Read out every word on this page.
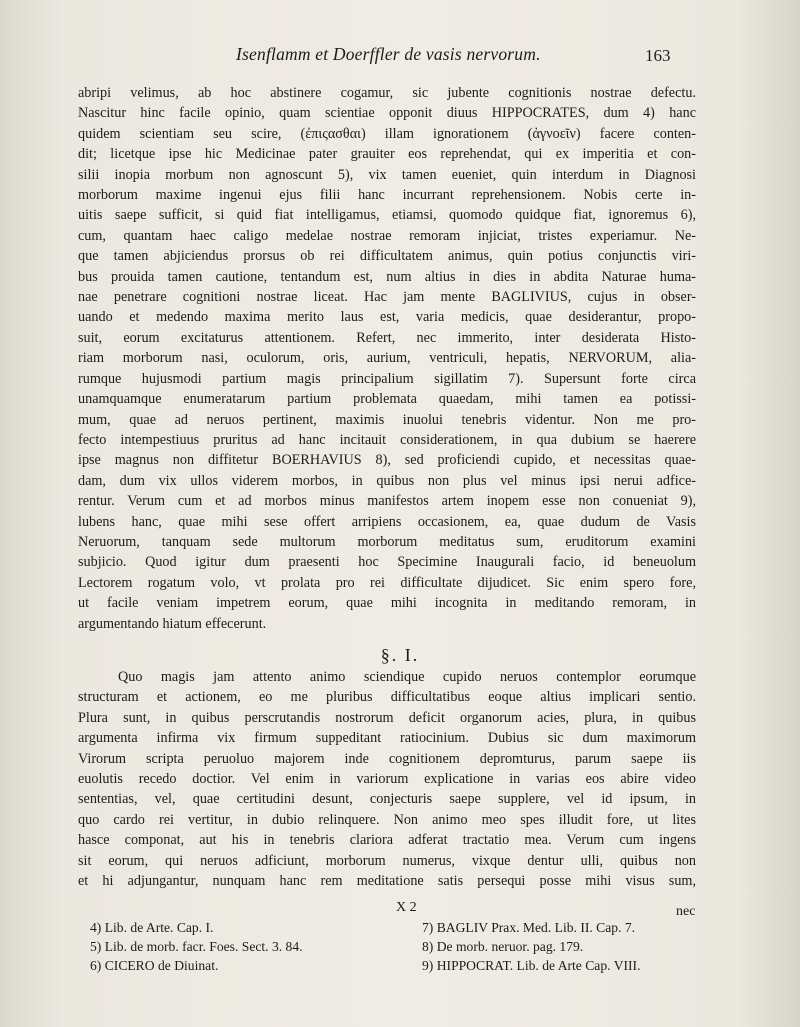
Isenflamm et Doerffler de vasis nervorum.	163
abripi velimus, ab hoc abstinere cogamur, sic jubente cognitionis nostrae defectu.
Nascitur hinc facile opinio, quam scientiae opponit diuus HIPPOCRATES, dum 4) hanc
quidem scientiam seu scire, (ἐπιςασθαι) illam ignorationem (ἀγνοεῖν) facere conten-
dit; licetque ipse hic Medicinae pater grauiter eos reprehendat, qui ex imperitia et con-
silii inopia morbum non agnoscunt 5), vix tamen eueniet, quin interdum in Diagnosi
morborum maxime ingenui ejus filii hanc incurrant reprehensionem. Nobis certe in-
uitis saepe sufficit, si quid fiat intelligamus, etiamsi, quomodo quidque fiat, ignoremus 6),
cum, quantam haec caligo medelae nostrae remoram injiciat, tristes experiamur. Ne-
que tamen abjiciendus prorsus ob rei difficultatem animus, quin potius conjunctis viri-
bus prouida tamen cautione, tentandum est, num altius in dies in abdita Naturae huma-
nae penetrare cognitioni nostrae liceat. Hac jam mente BAGLIVIUS, cujus in obser-
uando et medendo maxima merito laus est, varia medicis, quae desiderantur, propo-
suit, eorum excitaturus attentionem. Refert, nec immerito, inter desiderata Histo-
riam morborum nasi, oculorum, oris, aurium, ventriculi, hepatis, NERVORUM, alia-
rumque hujusmodi partium magis principalium sigillatim 7). Supersunt forte circa
unamquamque enumeratarum partium problemata quaedam, mihi tamen ea potissi-
mum, quae ad neruos pertinent, maximis inuolui tenebris videntur. Non me pro-
fecto intempestiuus pruritus ad hanc incitauit considerationem, in qua dubium se haerere
ipse magnus non diffitetur BOERHAVIUS 8), sed proficiendi cupido, et necessitas quae-
dam, dum vix ullos viderem morbos, in quibus non plus vel minus ipsi nerui adfice-
rentur. Verum cum et ad morbos minus manifestos artem inopem esse non conueniat 9),
lubens hanc, quae mihi sese offert arripiens occasionem, ea, quae dudum de Vasis
Neruorum, tanquam sede multorum morborum meditatus sum, eruditorum examini
subjicio. Quod igitur dum praesenti hoc Specimine Inaugurali facio, id beneuolum
Lectorem rogatum volo, vt prolata pro rei difficultate dijudicet. Sic enim spero fore,
ut facile veniam impetrem eorum, quae mihi incognita in meditando remoram, in
argumentando hiatum effecerunt.
§. I.
Quo magis jam attento animo sciendique cupido neruos contemplor eorumque
structuram et actionem, eo me pluribus difficultatibus eoque altius implicari sentio.
Plura sunt, in quibus perscrutandis nostrorum deficit organorum acies, plura, in quibus
argumenta infirma vix firmum suppeditant ratiocinium. Dubius sic dum maximorum
Virorum scripta peruoluo majorem inde cognitionem depromturus, parum saepe iis
euolutis recedo doctior. Vel enim in variorum explicatione in varias eos abire video
sententias, vel, quae certitudini desunt, conjecturis saepe supplere, vel id ipsum, in
quo cardo rei vertitur, in dubio relinquere. Non animo meo spes illudit fore, ut lites
hasce componat, aut his in tenebris clariora adferat tractatio mea. Verum cum ingens
sit eorum, qui neruos adficiunt, morborum numerus, vixque dentur ulli, quibus non
et hi adjungantur, nunquam hanc rem meditatione satis persequi posse mihi visus sum,
X 2	nec
4) Lib. de Arte. Cap. I.
5) Lib. de morb. facr. Foes. Sect. 3. 84.
6) CICERO de Diuinat.
7) BAGLIV Prax. Med. Lib. II. Cap. 7.
8) De morb. neruor. pag. 179.
9) HIPPOCRAT. Lib. de Arte Cap. VIII.
